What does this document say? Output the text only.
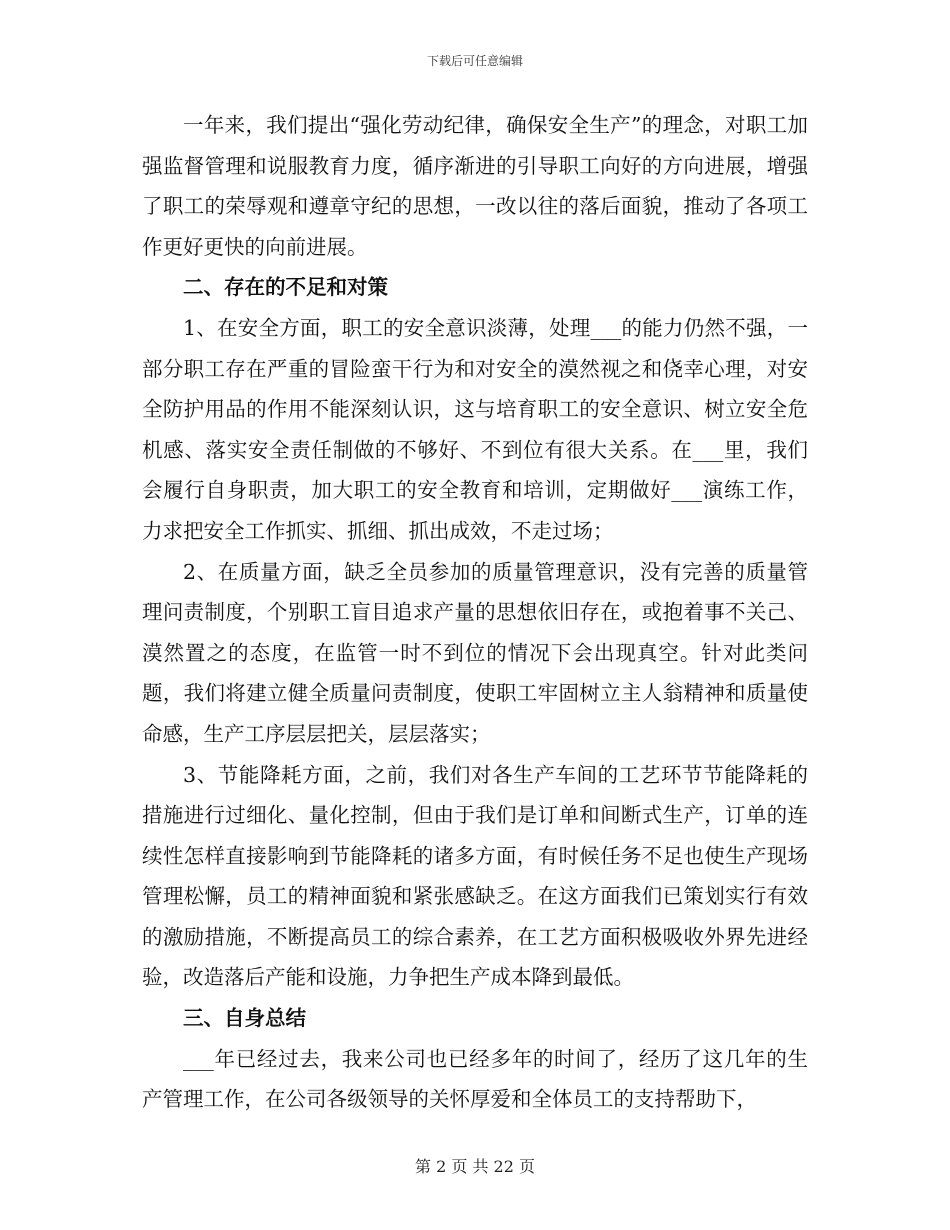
下载后可任意编辑

一年来，我们提出“强化劳动纪律，确保安全生产”的理念，对职工加强监督管理和说服教育力度，循序渐进的引导职工向好的方向进展，增强了职工的荣辱观和遵章守纪的思想，一改以往的落后面貌，推动了各项工作更好更快的向前进展。

二、存在的不足和对策

1、在安全方面，职工的安全意识淡薄，处理___的能力仍然不强，一部分职工存在严重的冒险蛮干行为和对安全的漠然视之和侥幸心理，对安全防护用品的作用不能深刻认识，这与培育职工的安全意识、树立安全危机感、落实安全责任制做的不够好、不到位有很大关系。在___里，我们会履行自身职责，加大职工的安全教育和培训，定期做好___演练工作，力求把安全工作抓实、抓细、抓出成效，不走过场；

2、在质量方面，缺乏全员参加的质量管理意识，没有完善的质量管理问责制度，个别职工盲目追求产量的思想依旧存在，或抱着事不关己、漠然置之的态度，在监管一时不到位的情况下会出现真空。针对此类问题，我们将建立健全质量问责制度，使职工牢固树立主人翁精神和质量使命感，生产工序层层把关，层层落实；

3、节能降耗方面，之前，我们对各生产车间的工艺环节节能降耗的措施进行过细化、量化控制，但由于我们是订单和间断式生产，订单的连续性怎样直接影响到节能降耗的诸多方面，有时候任务不足也使生产现场管理松懈，员工的精神面貌和紧张感缺乏。在这方面我们已策划实行有效的激励措施，不断提高员工的综合素养，在工艺方面积极吸收外界先进经验，改造落后产能和设施，力争把生产成本降到最低。

三、自身总结

___年已经过去，我来公司也已经多年的时间了，经历了这几年的生产管理工作，在公司各级领导的关怀厚爱和全体员工的支持帮助下，

第 2 页 共 22 页
